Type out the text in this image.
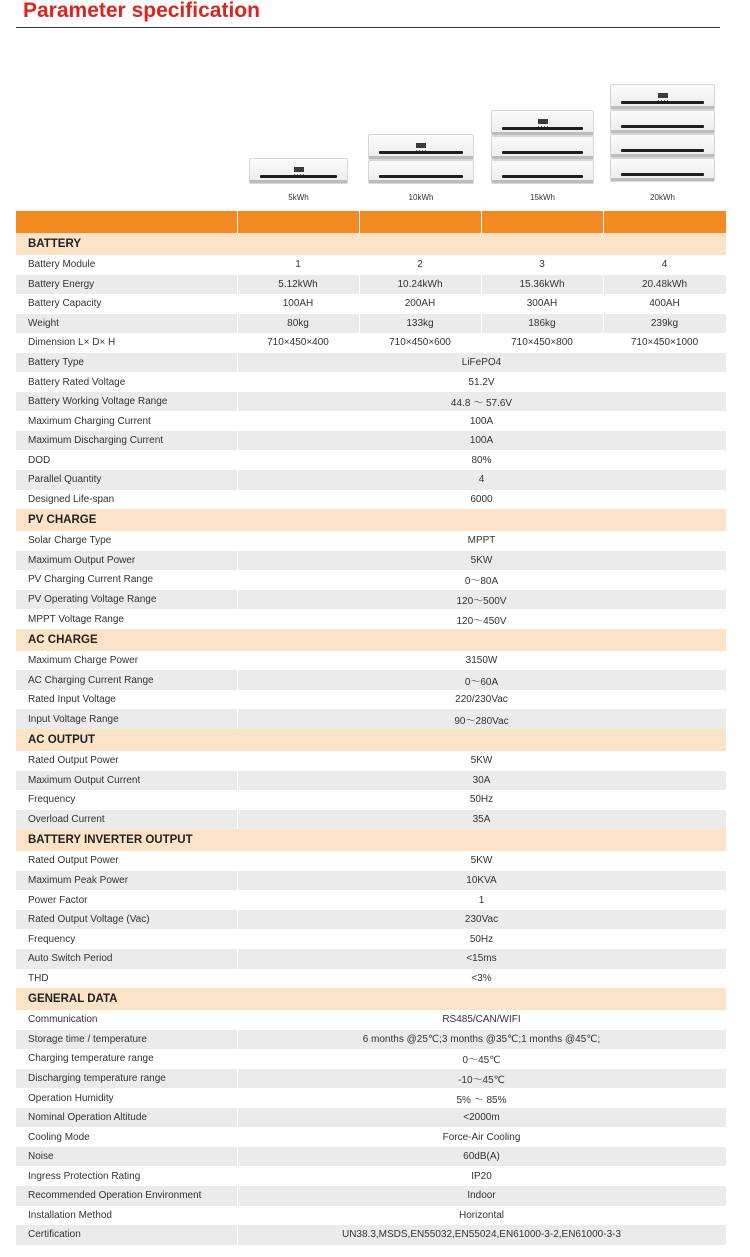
Parameter specification
5kWh	10kWh	15kWh	20kWh

BATTERY				
Battery Module	1	2	3	4
Battery Energy	5.12kWh	10.24kWh	15.36kWh	20.48kWh
Battery Capacity	100AH	200AH	300AH	400AH
Weight	80kg	133kg	186kg	239kg
Dimension L× D× H	710×450×400	710×450×600	710×450×800	710×450×1000
Battery Type	LiFePO4			
Battery Rated Voltage	51.2V			
Battery Working Voltage Range	44.8 ～ 57.6V			
Maximum Charging Current	100A			
Maximum Discharging Current	100A			
DOD	80%			
Parallel Quantity	4			
Designed Life-span	6000			
PV CHARGE				
Solar Charge Type	MPPT			
Maximum Output Power	5KW			
PV Charging Current Range	0～80A			
PV Operating Voltage Range	120～500V			
MPPT Voltage Range	120～450V			
AC CHARGE				
Maximum Charge Power	3150W			
AC Charging Current Range	0～60A			
Rated Input Voltage	220/230Vac			
Input Voltage Range	90～280Vac			
AC OUTPUT				
Rated Output Power	5KW			
Maximum Output Current	30A			
Frequency	50Hz			
Overload Current	35A			
BATTERY INVERTER OUTPUT				
Rated Output Power	5KW			
Maximum Peak Power	10KVA			
Power Factor	1			
Rated Output Voltage (Vac)	230Vac			
Frequency	50Hz			
Auto Switch Period	<15ms			
THD	<3%			
GENERAL DATA				
Communication	RS485/CAN/WIFI			
Storage time / temperature	6 months @25℃;3 months @35℃;1 months @45℃;			
Charging temperature range	0～45℃			
Discharging temperature range	-10～45℃			
Operation Humidity	5% ～ 85%			
Nominal Operation Altitude	<2000m			
Cooling Mode	Force-Air Cooling			
Noise	60dB(A)			
Ingress Protection Rating	IP20			
Recommended Operation Environment	Indoor			
Installation Method	Horizontal			
Certification	UN38.3,MSDS,EN55032,EN55024,EN61000-3-2,EN61000-3-3			
